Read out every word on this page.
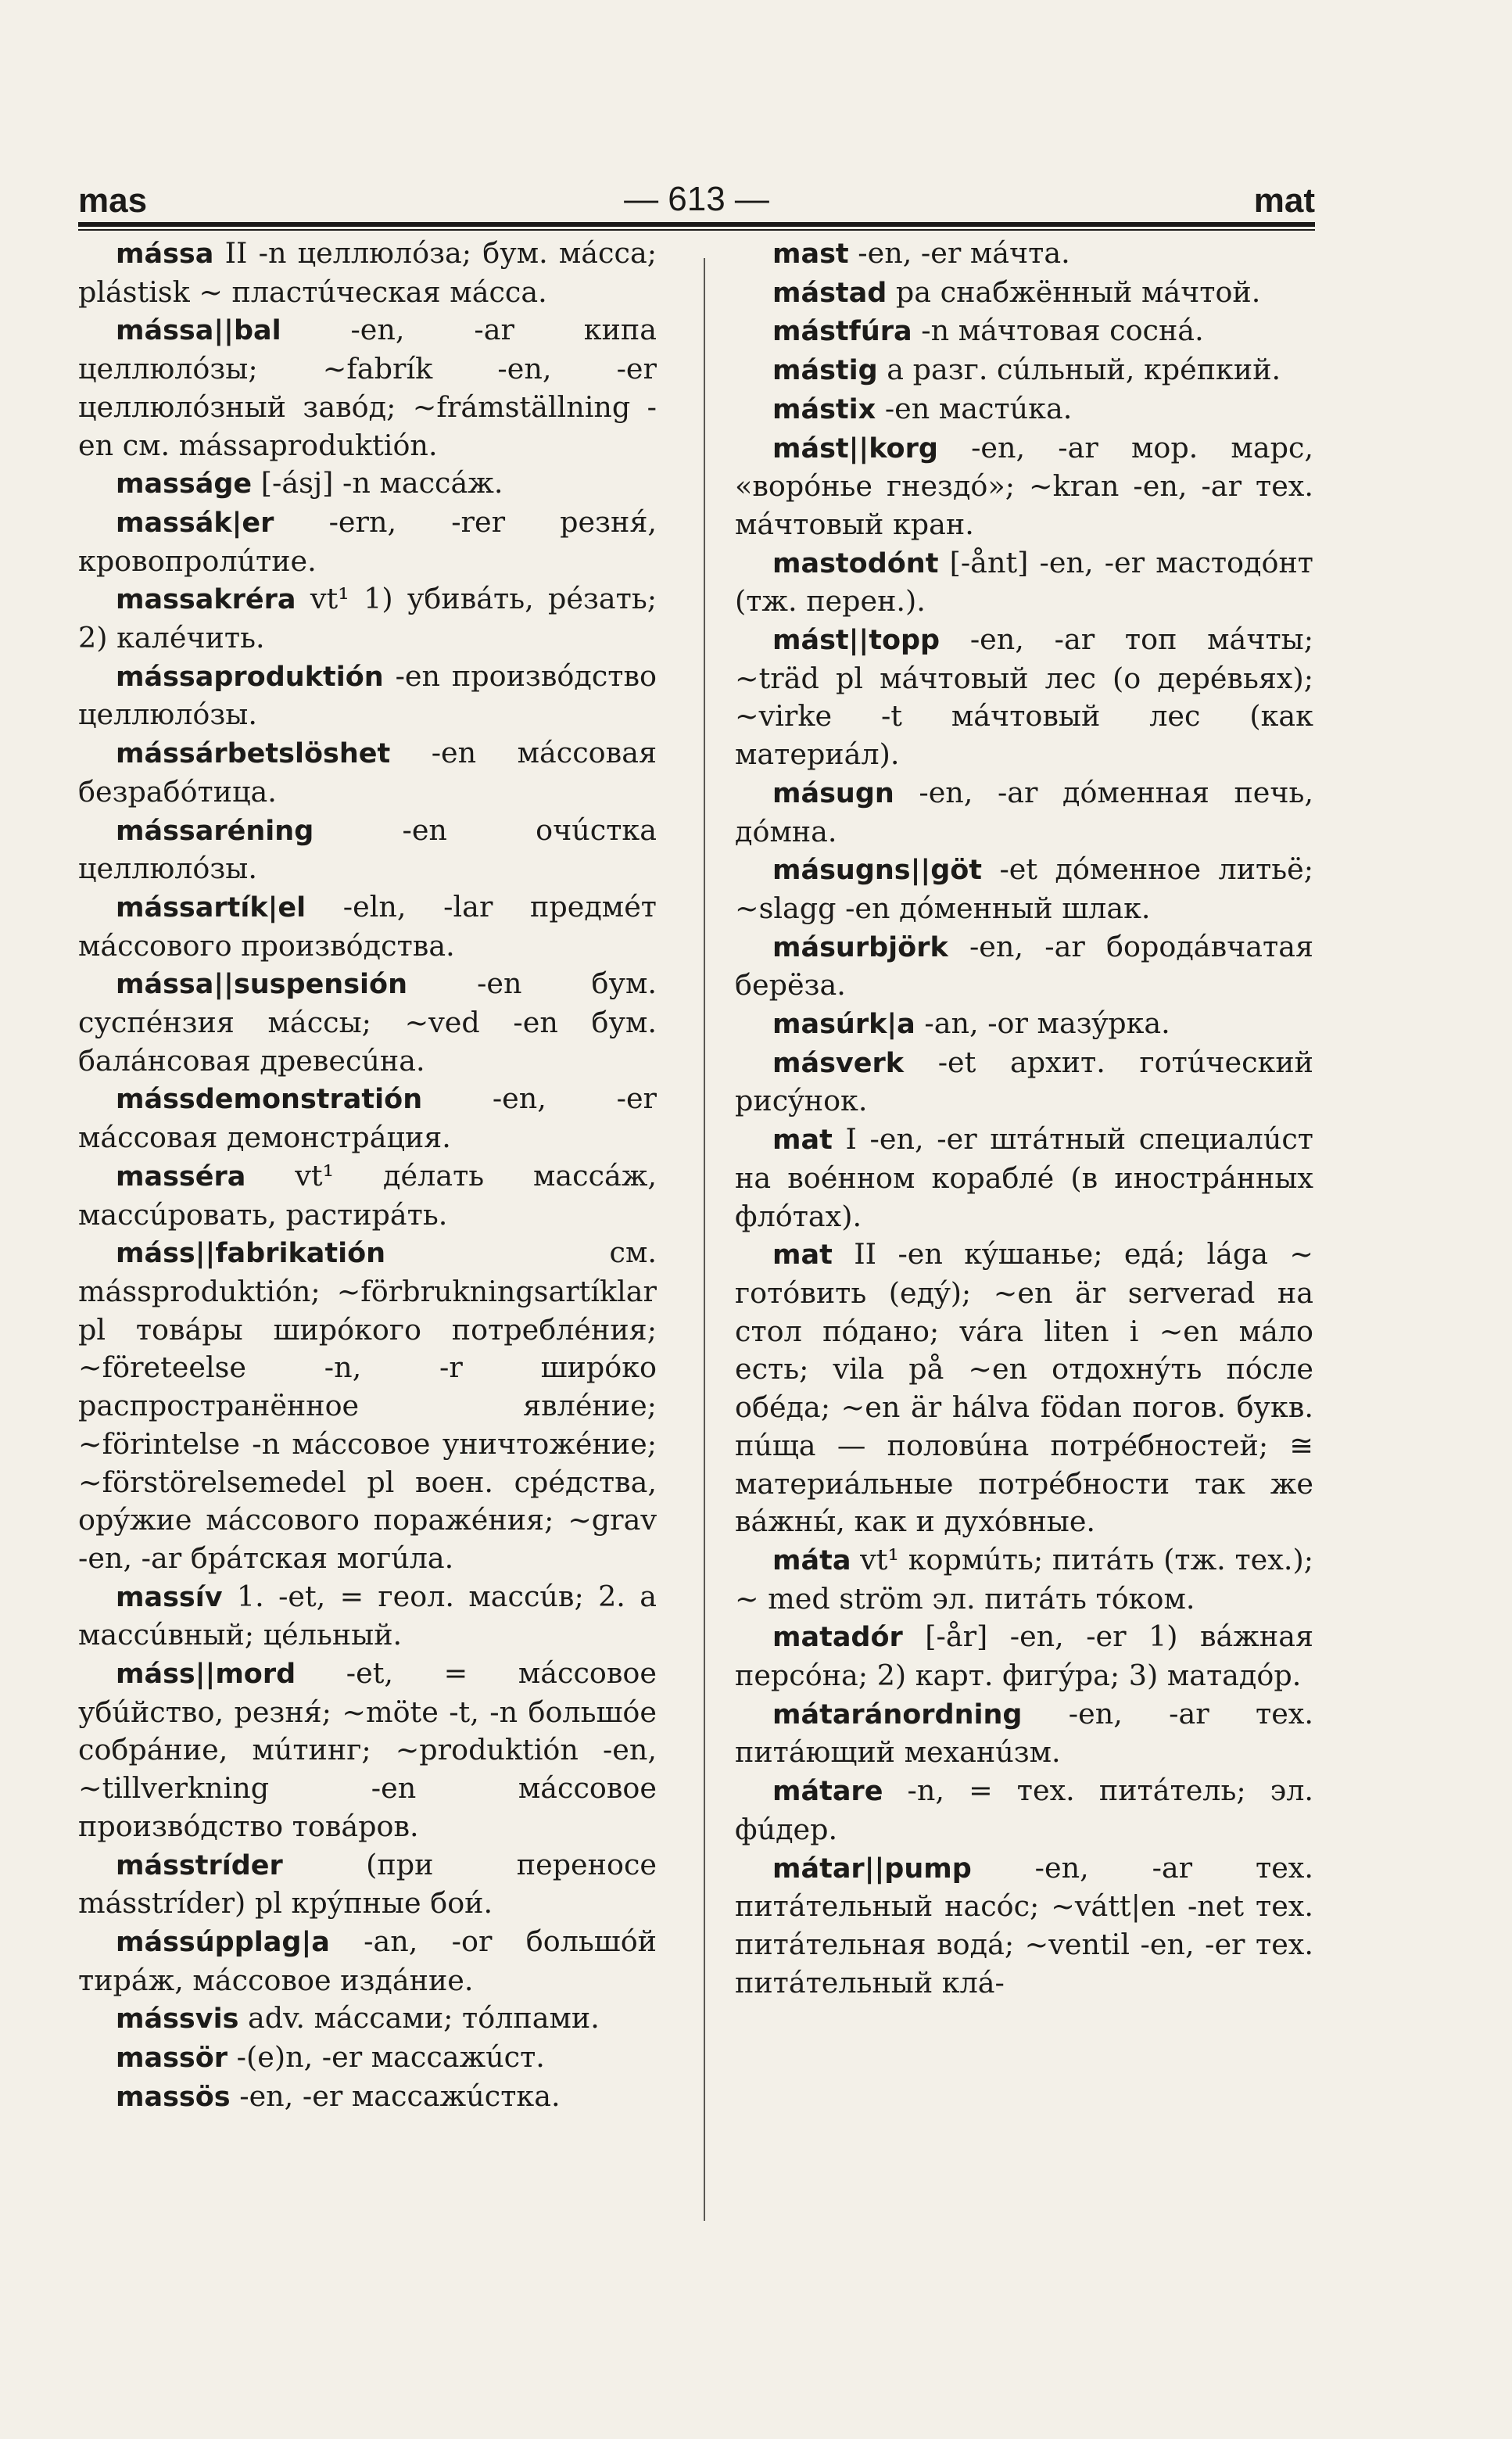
mas	— 613 —	mat

mássa II -n целлюлóза; бум. мáсса; plástisk ~ пластúческая мáсса.

mássa||bal -en, -ar кипа целлюлóзы; ~fabrík -en, -er целлюлóзный завóд; ~frámställning -en см. mássaproduktión.

masságe [-ásj] -n массáж.

massák|er -ern, -rer резня́, кровопролúтие.

massakréra vt¹ 1) убивáть, рéзать; 2) калéчить.

mássaproduktión -en произвóдство целлюлóзы.

mássárbetslöshet -en мáссовая безрабóтица.

mássaréning -en очúстка целлюлóзы.

mássartík|el -eln, -lar предмéт мáссового произвóдства.

mássa||suspensión -en бум. суспéнзия мáссы; ~ved -en бум. балáнсовая древесúна.

mássdemonstratión -en, -er мáссовая демонстрáция.

masséra vt¹ дéлать массáж, массúровать, растирáть.

máss||fabrikatión см. mássproduktión; ~förbrukningsartíklar pl товáры ширóкого потреблéния; ~företeelse -n, -r ширóко распространённое явлéние; ~förintelse -n мáссовое уничтожéние; ~förstörelsemedel pl воен. срéдства, орýжие мáссового поражéния; ~grav -en, -ar брáтская могúла.

massív 1. -et, = геол. массúв; 2. a массúвный; цéльный.

máss||mord -et, = мáссовое убúйство, резня́; ~möte -t, -n большóе собрáние, мúтинг; ~produktión -en, ~tillverkning -en мáссовое произвóдство товáров.

másstríder (при переносе másstríder) pl крýпные бои́.

mássúpplag|a -an, -or большóй тирáж, мáссовое издáние.

mássvis adv. мáссами; тóлпами.

massör -(e)n, -er массажúст.

massös -en, -er массажúстка.

mast -en, -er мáчта.

mástad pa снабжённый мáчтой.

mástfúra -n мáчтовая соснá.

mástig a разг. сúльный, крéпкий.

mástix -en мастúка.

mást||korg -en, -ar мор. марс, «ворóнье гнездó»; ~kran -en, -ar тех. мáчтовый кран.

mastodónt [-ånt] -en, -er мастодóнт (тж. перен.).

mást||topp -en, -ar топ мáчты; ~träd pl мáчтовый лес (о дерéвьях); ~virke -t мáчтовый лес (как материáл).

másugn -en, -ar дóменная печь, дóмна.

másugns||göt -et дóменное литьё; ~slagg -en дóменный шлак.

másurbjörk -en, -ar бородáвчатая берёза.

masúrk|a -an, -or мазýрка.

másverk -et архит. готúческий рисýнок.

mat I -en, -er штáтный специалúст на воéнном корабле́ (в инострáнных флóтах).

mat II -en кýшанье; едá; lága ~ готóвить (едý); ~en är serverad на стол пóдано; vára liten i ~en мáло есть; vila på ~en отдохнýть пóсле обéда; ~en är hálva födan погов. букв. пúща — половúна потрéбностей; ≅ материáльные потрéбности так же вáжны́, как и духóвные.

máta vt¹ кормúть; питáть (тж. тех.); ~ med ström эл. питáть тóком.

matadór [-år] -en, -er 1) вáжная персóна; 2) карт. фигýра; 3) матадóр.

mátaránordning -en, -ar тех. питáющий механúзм.

mátare -n, = тех. питáтель; эл. фúдер.

mátar||pump -en, -ar тех. питáтельный насóс; ~vátt|en -net тех. питáтельная водá; ~ventil -en, -er тех. питáтельный клá-
